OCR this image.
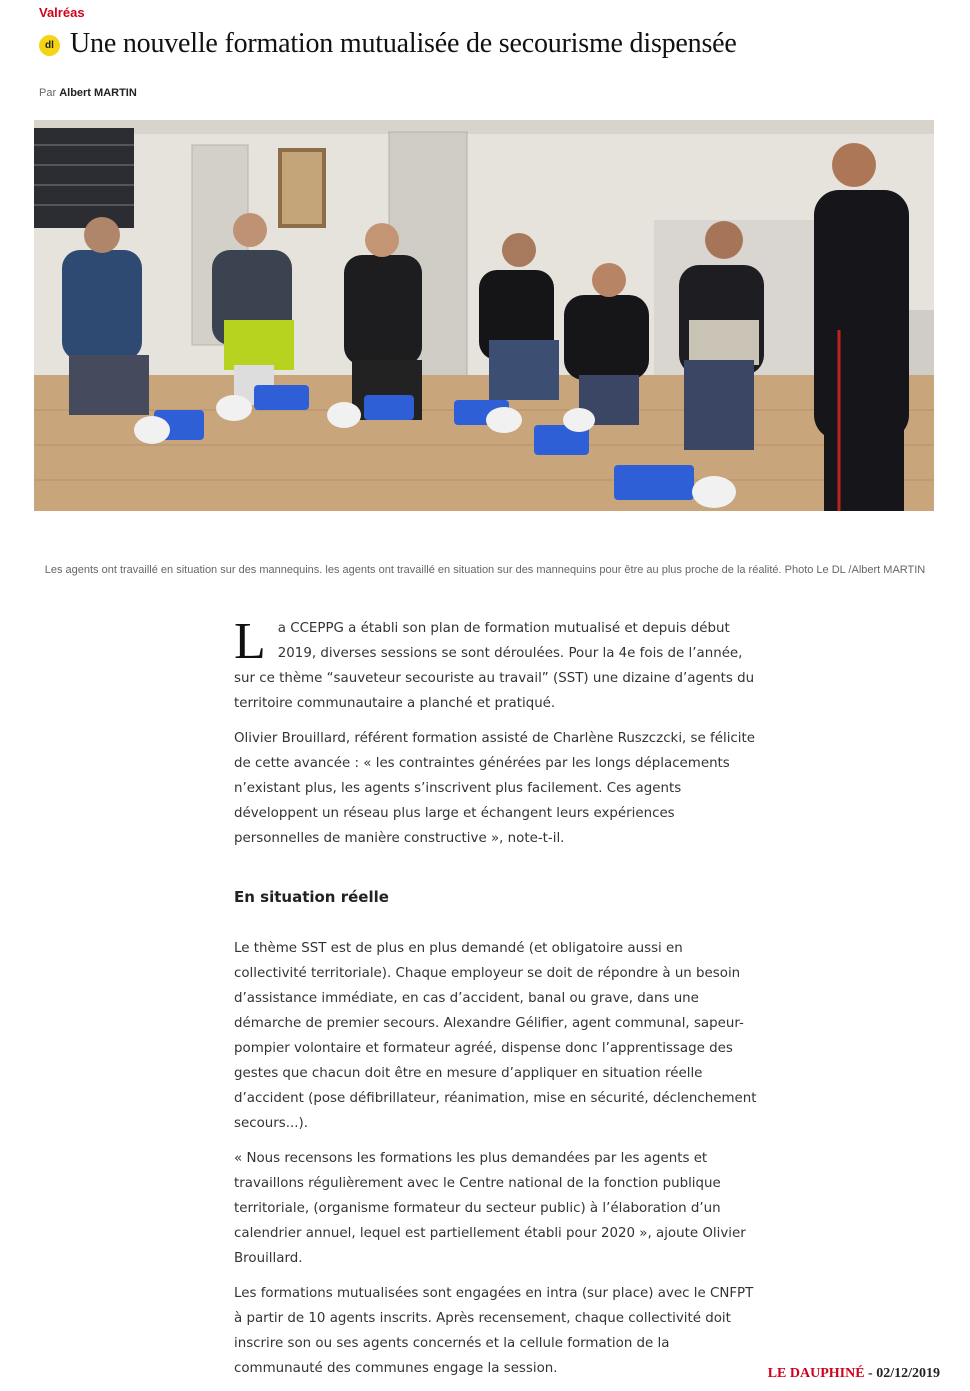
Valréas
dl Une nouvelle formation mutualisée de secourisme dispensée
Par Albert MARTIN
Les agents ont travaillé en situation sur des mannequins. les agents ont travaillé en situation sur des mannequins pour être au plus proche de la réalité. Photo Le DL /Albert MARTIN

La CCEPPG a établi son plan de formation mutualisé et depuis début 2019, diverses sessions se sont déroulées. Pour la 4e fois de l’année, sur ce thème “sauveteur secouriste au travail” (SST) une dizaine d’agents du territoire communautaire a planché et pratiqué.

Olivier Brouillard, référent formation assisté de Charlène Ruszczcki, se félicite de cette avancée : « les contraintes générées par les longs déplacements n’existant plus, les agents s’inscrivent plus facilement. Ces agents développent un réseau plus large et échangent leurs expériences personnelles de manière constructive », note-t-il.

En situation réelle

Le thème SST est de plus en plus demandé (et obligatoire aussi en collectivité territoriale). Chaque employeur se doit de répondre à un besoin d’assistance immédiate, en cas d’accident, banal ou grave, dans une démarche de premier secours. Alexandre Gélifier, agent communal, sapeur-pompier volontaire et formateur agréé, dispense donc l’apprentissage des gestes que chacun doit être en mesure d’appliquer en situation réelle d’accident (pose défibrillateur, réanimation, mise en sécurité, déclenchement secours...).

« Nous recensons les formations les plus demandées par les agents et travaillons régulièrement avec le Centre national de la fonction publique territoriale, (organisme formateur du secteur public) à l’élaboration d’un calendrier annuel, lequel est partiellement établi pour 2020 », ajoute Olivier Brouillard.

Les formations mutualisées sont engagées en intra (sur place) avec le CNFPT à partir de 10 agents inscrits. Après recensement, chaque collectivité doit inscrire son ou ses agents concernés et la cellule formation de la communauté des communes engage la session.	LE DAUPHINÉ - 02/12/2019
